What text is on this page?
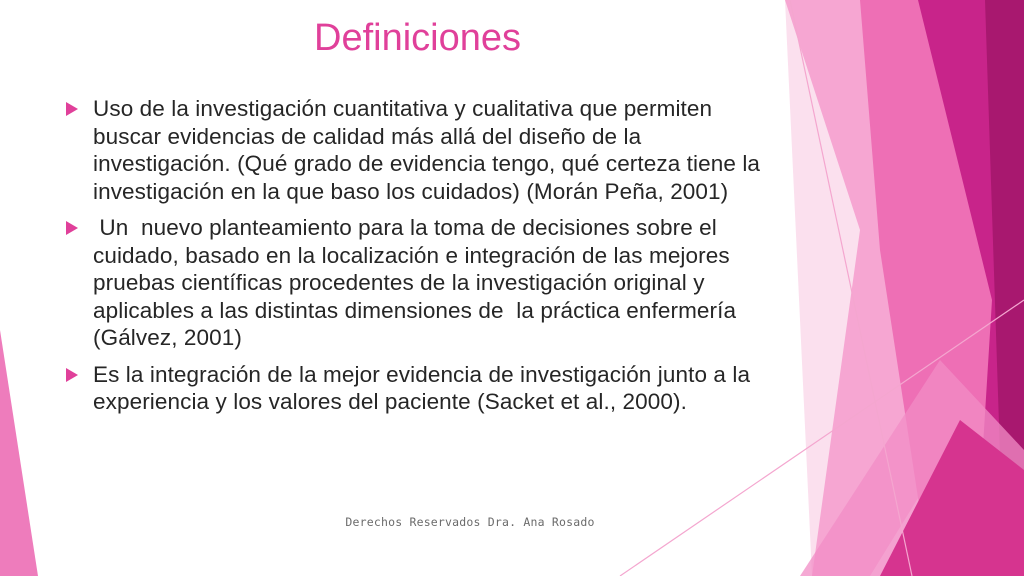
Definiciones
Uso de la investigación cuantitativa y cualitativa que permiten buscar evidencias de calidad más allá del diseño de la investigación. (Qué grado de evidencia tengo, qué certeza tiene la investigación en la que baso los cuidados) (Morán Peña, 2001)
Un  nuevo planteamiento para la toma de decisiones sobre el cuidado, basado en la localización e integración de las mejores pruebas científicas procedentes de la investigación original y aplicables a las distintas dimensiones de  la práctica enfermería (Gálvez, 2001)
Es la integración de la mejor evidencia de investigación junto a la experiencia y los valores del paciente (Sacket et al., 2000).
Derechos Reservados Dra. Ana Rosado
